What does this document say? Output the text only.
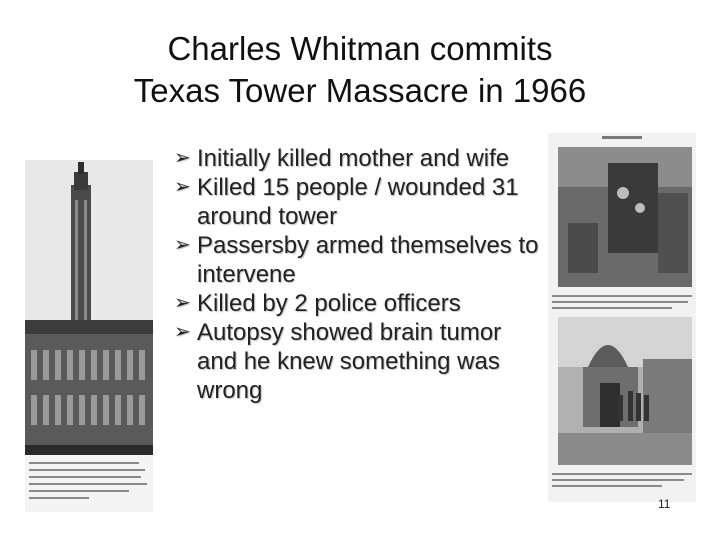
Charles Whitman commits
Texas Tower Massacre in 1966
➢ Initially killed mother and wife
➢ Killed 15 people / wounded 31 around tower
➢ Passersby armed themselves to intervene
➢ Killed by 2 police officers
➢ Autopsy showed brain tumor and he knew something was wrong
11
